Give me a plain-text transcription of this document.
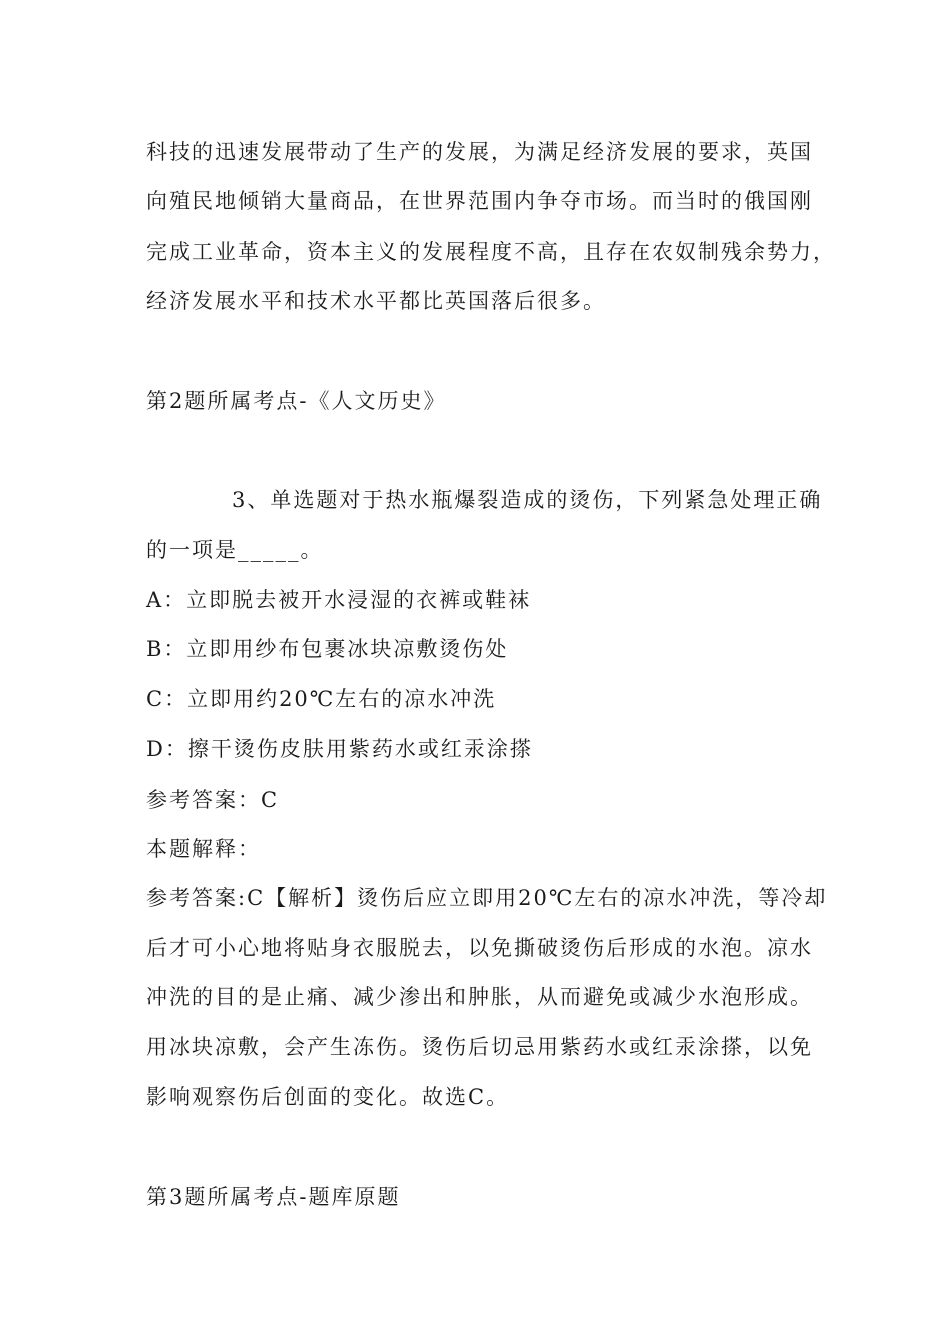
科技的迅速发展带动了生产的发展，为满足经济发展的要求，英国
向殖民地倾销大量商品，在世界范围内争夺市场。而当时的俄国刚
完成工业革命，资本主义的发展程度不高，且存在农奴制残余势力，
经济发展水平和技术水平都比英国落后很多。
第2题所属考点-《人文历史》
3、单选题对于热水瓶爆裂造成的烫伤，下列紧急处理正确
的一项是_____。
A：立即脱去被开水浸湿的衣裤或鞋袜
B：立即用纱布包裹冰块凉敷烫伤处
C：立即用约20℃左右的凉水冲洗
D：擦干烫伤皮肤用紫药水或红汞涂搽
参考答案：C
本题解释：
参考答案:C【解析】烫伤后应立即用20℃左右的凉水冲洗，等冷却
后才可小心地将贴身衣服脱去，以免撕破烫伤后形成的水泡。凉水
冲洗的目的是止痛、减少渗出和肿胀，从而避免或减少水泡形成。
用冰块凉敷，会产生冻伤。烫伤后切忌用紫药水或红汞涂搽，以免
影响观察伤后创面的变化。故选C。
第3题所属考点-题库原题
